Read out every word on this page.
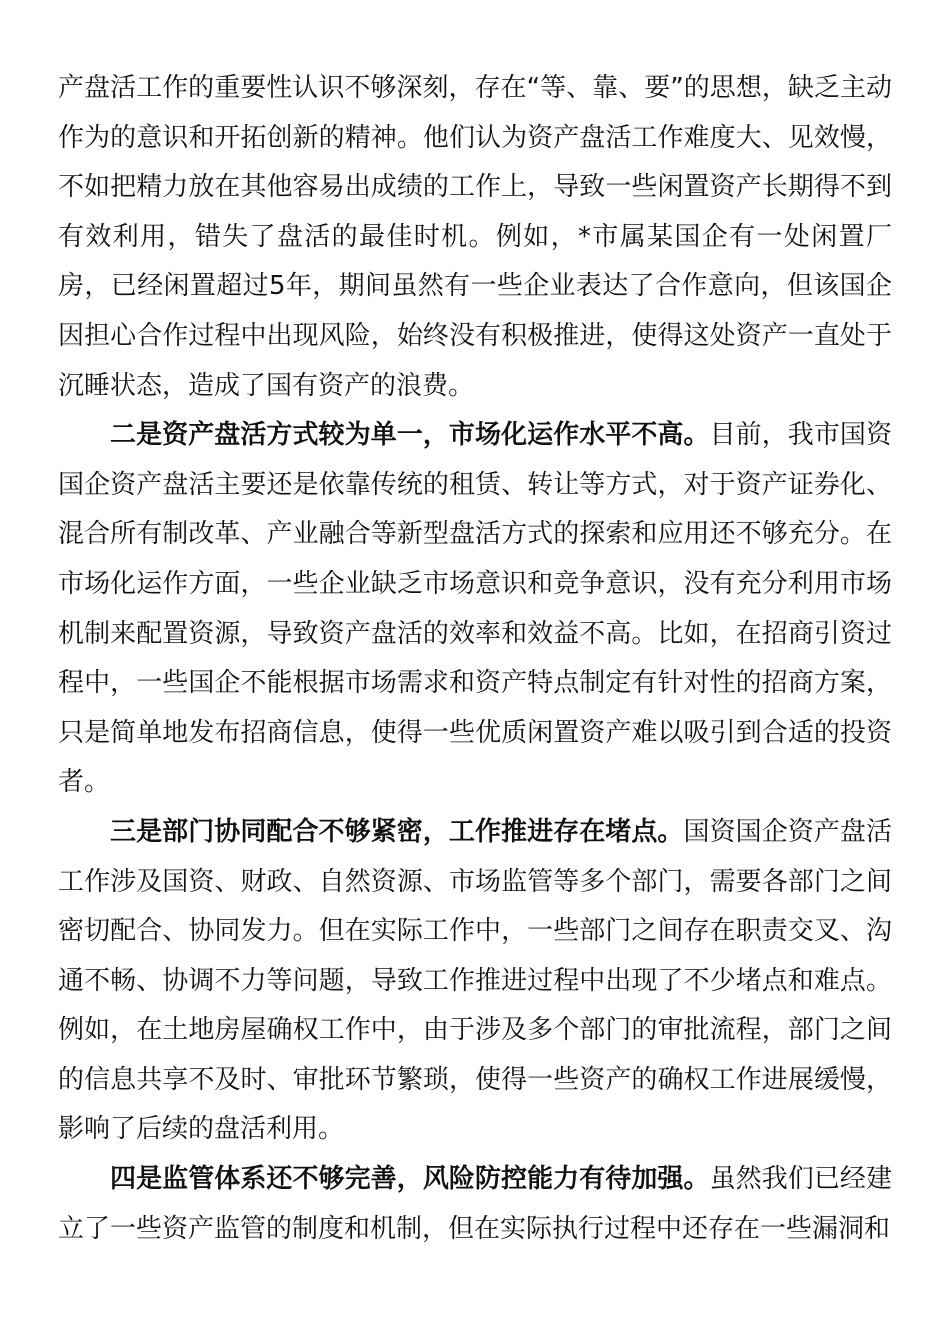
产盘活工作的重要性认识不够深刻，存在“等、靠、要”的思想，缺乏主动作为的意识和开拓创新的精神。他们认为资产盘活工作难度大、见效慢，不如把精力放在其他容易出成绩的工作上，导致一些闲置资产长期得不到有效利用，错失了盘活的最佳时机。例如，*市属某国企有一处闲置厂房，已经闲置超过5年，期间虽然有一些企业表达了合作意向，但该国企因担心合作过程中出现风险，始终没有积极推进，使得这处资产一直处于沉睡状态，造成了国有资产的浪费。

二是资产盘活方式较为单一，市场化运作水平不高。目前，我市国资国企资产盘活主要还是依靠传统的租赁、转让等方式，对于资产证券化、混合所有制改革、产业融合等新型盘活方式的探索和应用还不够充分。在市场化运作方面，一些企业缺乏市场意识和竞争意识，没有充分利用市场机制来配置资源，导致资产盘活的效率和效益不高。比如，在招商引资过程中，一些国企不能根据市场需求和资产特点制定有针对性的招商方案，只是简单地发布招商信息，使得一些优质闲置资产难以吸引到合适的投资者。

三是部门协同配合不够紧密，工作推进存在堵点。国资国企资产盘活工作涉及国资、财政、自然资源、市场监管等多个部门，需要各部门之间密切配合、协同发力。但在实际工作中，一些部门之间存在职责交叉、沟通不畅、协调不力等问题，导致工作推进过程中出现了不少堵点和难点。例如，在土地房屋确权工作中，由于涉及多个部门的审批流程，部门之间的信息共享不及时、审批环节繁琐，使得一些资产的确权工作进展缓慢，影响了后续的盘活利用。

四是监管体系还不够完善，风险防控能力有待加强。虽然我们已经建立了一些资产监管的制度和机制，但在实际执行过程中还存在一些漏洞和
